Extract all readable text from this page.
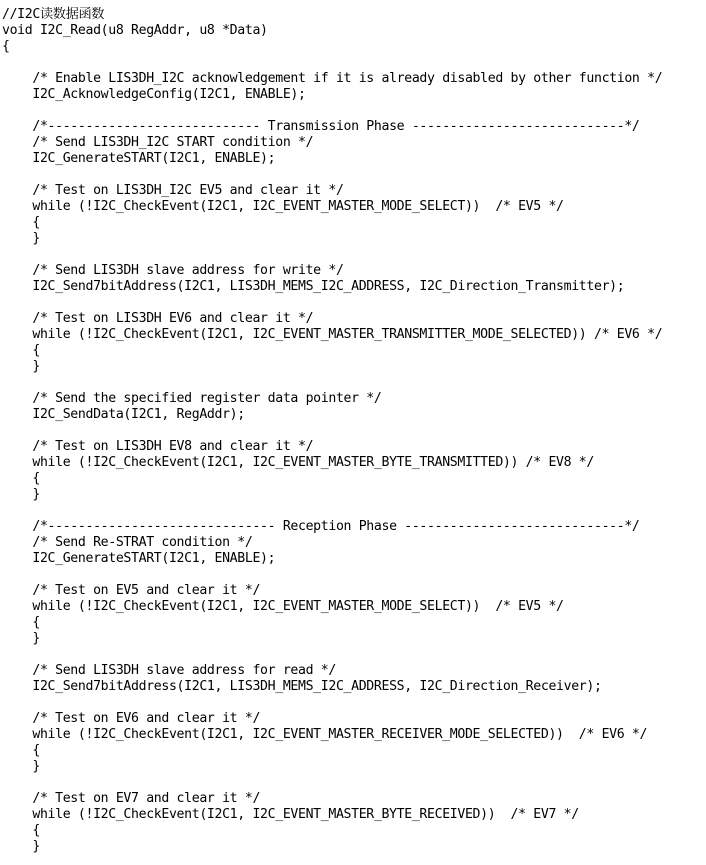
//I2C读数据函数
void I2C_Read(u8 RegAddr, u8 *Data)
{
/* Enable LIS3DH_I2C acknowledgement if it is already disabled by other function */
I2C_AcknowledgeConfig(I2C1, ENABLE);
/*---------------------------- Transmission Phase ----------------------------*/
/* Send LIS3DH_I2C START condition */
I2C_GenerateSTART(I2C1, ENABLE);
/* Test on LIS3DH_I2C EV5 and clear it */
while (!I2C_CheckEvent(I2C1, I2C_EVENT_MASTER_MODE_SELECT))  /* EV5 */
{
}
/* Send LIS3DH slave address for write */
I2C_Send7bitAddress(I2C1, LIS3DH_MEMS_I2C_ADDRESS, I2C_Direction_Transmitter);
/* Test on LIS3DH EV6 and clear it */
while (!I2C_CheckEvent(I2C1, I2C_EVENT_MASTER_TRANSMITTER_MODE_SELECTED)) /* EV6 */
{
}
/* Send the specified register data pointer */
I2C_SendData(I2C1, RegAddr);
/* Test on LIS3DH EV8 and clear it */
while (!I2C_CheckEvent(I2C1, I2C_EVENT_MASTER_BYTE_TRANSMITTED)) /* EV8 */
{
}
/*------------------------------ Reception Phase -----------------------------*/
/* Send Re-STRAT condition */
I2C_GenerateSTART(I2C1, ENABLE);
/* Test on EV5 and clear it */
while (!I2C_CheckEvent(I2C1, I2C_EVENT_MASTER_MODE_SELECT))  /* EV5 */
{
}
/* Send LIS3DH slave address for read */
I2C_Send7bitAddress(I2C1, LIS3DH_MEMS_I2C_ADDRESS, I2C_Direction_Receiver);
/* Test on EV6 and clear it */
while (!I2C_CheckEvent(I2C1, I2C_EVENT_MASTER_RECEIVER_MODE_SELECTED))  /* EV6 */
{
}
/* Test on EV7 and clear it */
while (!I2C_CheckEvent(I2C1, I2C_EVENT_MASTER_BYTE_RECEIVED))  /* EV7 */
{
}
